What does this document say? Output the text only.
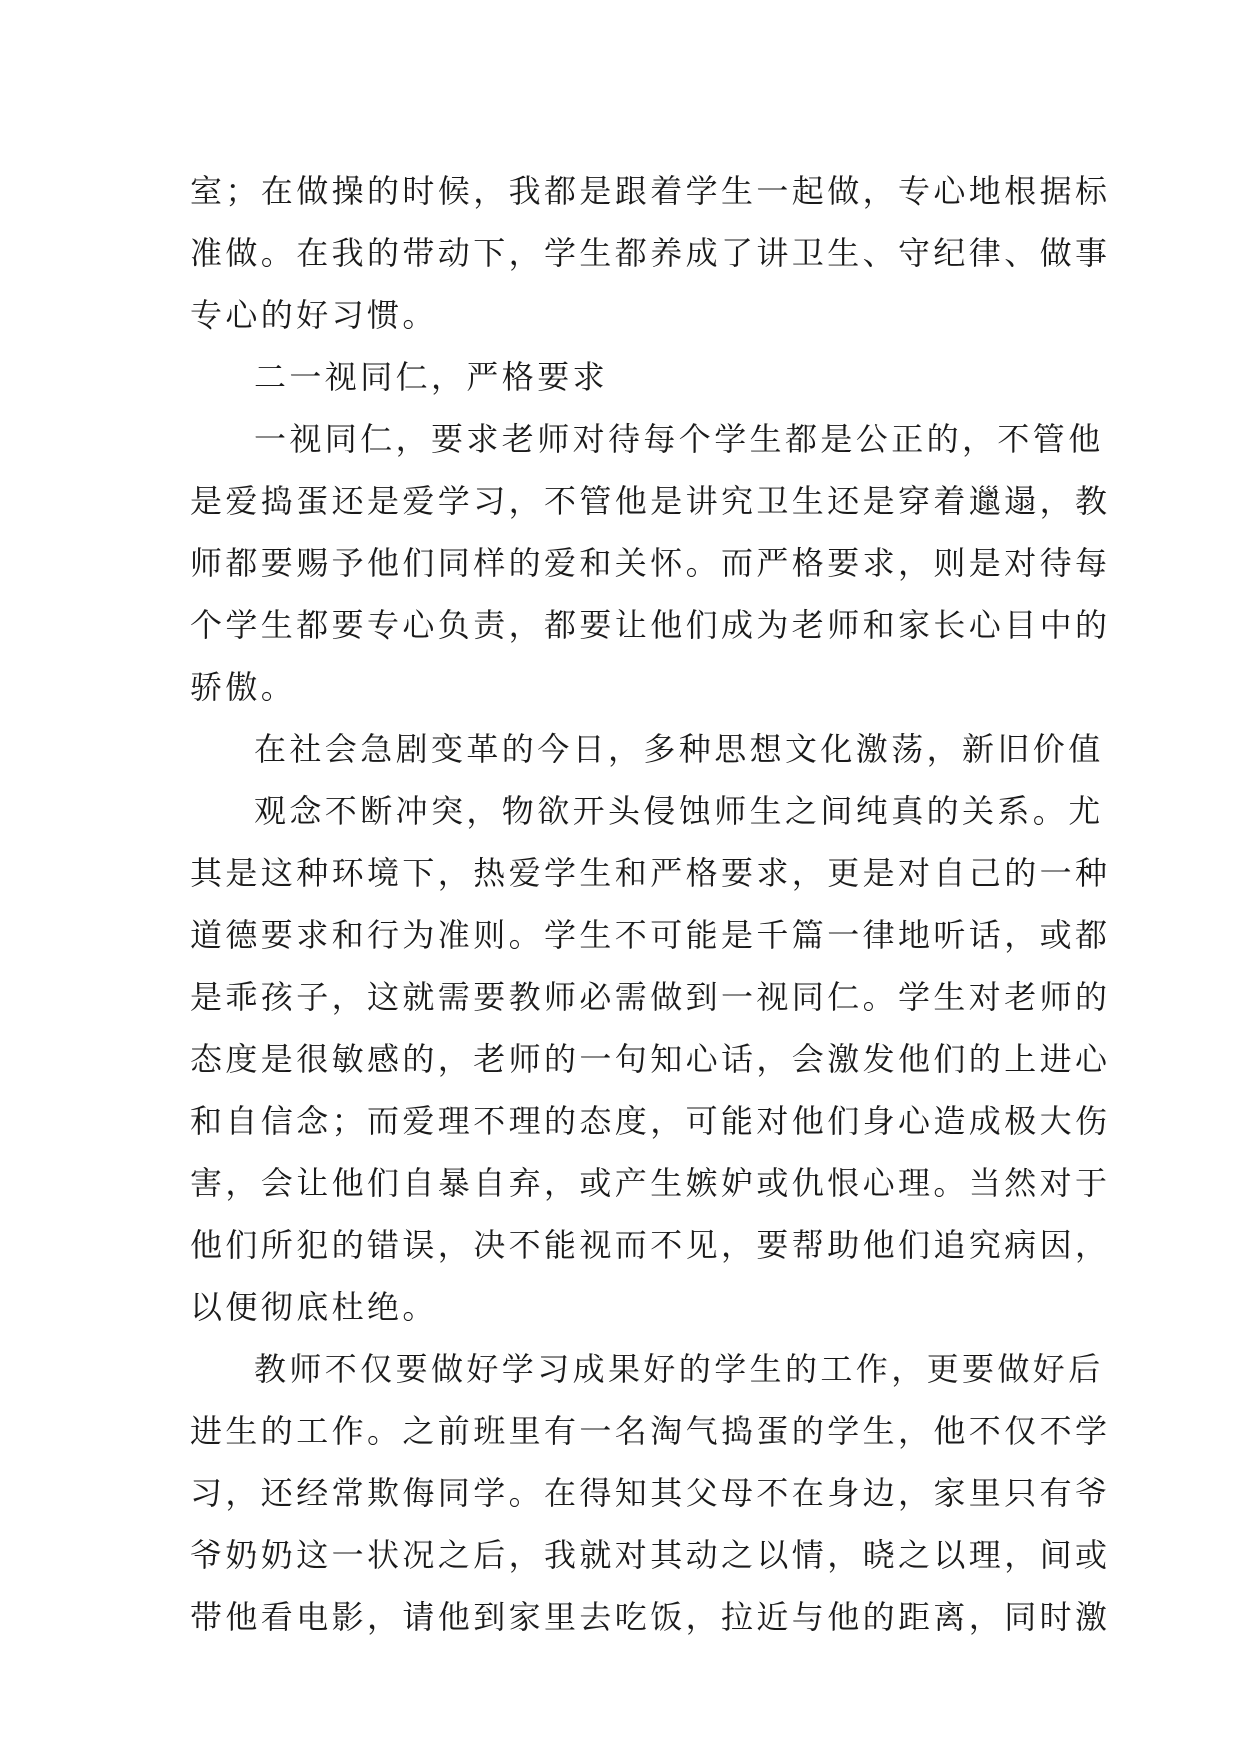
室；在做操的时候，我都是跟着学生一起做，专心地根据标
准做。在我的带动下，学生都养成了讲卫生、守纪律、做事
专心的好习惯。
二一视同仁，严格要求
一视同仁，要求老师对待每个学生都是公正的，不管他
是爱捣蛋还是爱学习，不管他是讲究卫生还是穿着邋遢，教
师都要赐予他们同样的爱和关怀。而严格要求，则是对待每
个学生都要专心负责，都要让他们成为老师和家长心目中的
骄傲。
在社会急剧变革的今日，多种思想文化激荡，新旧价值
观念不断冲突，物欲开头侵蚀师生之间纯真的关系。尤
其是这种环境下，热爱学生和严格要求，更是对自己的一种
道德要求和行为准则。学生不可能是千篇一律地听话，或都
是乖孩子，这就需要教师必需做到一视同仁。学生对老师的
态度是很敏感的，老师的一句知心话，会激发他们的上进心
和自信念；而爱理不理的态度，可能对他们身心造成极大伤
害，会让他们自暴自弃，或产生嫉妒或仇恨心理。当然对于
他们所犯的错误，决不能视而不见，要帮助他们追究病因，
以便彻底杜绝。
教师不仅要做好学习成果好的学生的工作，更要做好后
进生的工作。之前班里有一名淘气捣蛋的学生，他不仅不学
习，还经常欺侮同学。在得知其父母不在身边，家里只有爷
爷奶奶这一状况之后，我就对其动之以情，晓之以理，间或
带他看电影，请他到家里去吃饭，拉近与他的距离，同时激
